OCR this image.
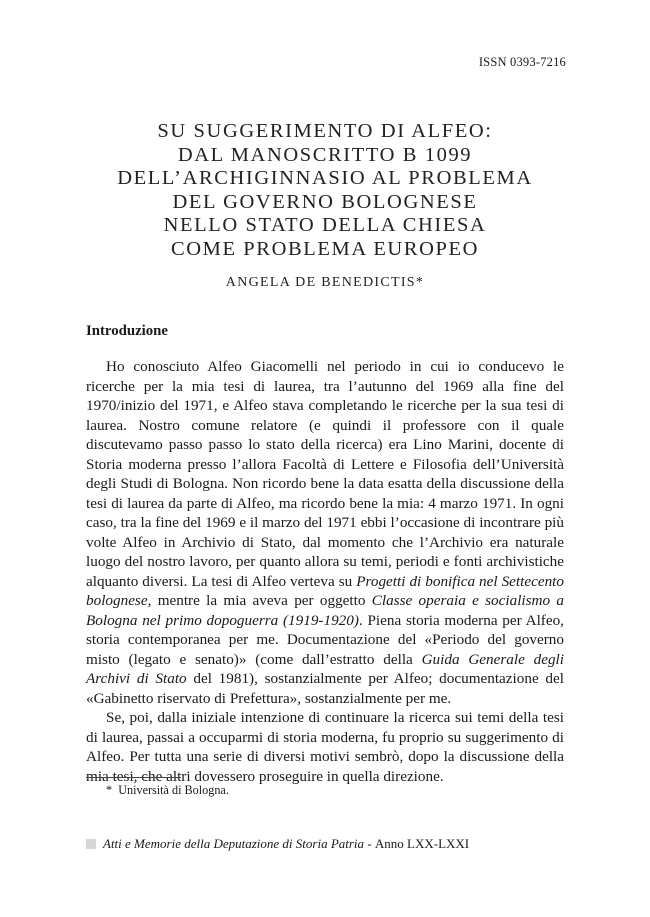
ISSN 0393-7216
SU SUGGERIMENTO DI ALFEO:
DAL MANOSCRITTO B 1099
DELL’ARCHIGINNASIO AL PROBLEMA
DEL GOVERNO BOLOGNESE
NELLO STATO DELLA CHIESA
COME PROBLEMA EUROPEO
ANGELA DE BENEDICTIS*
Introduzione

Ho conosciuto Alfeo Giacomelli nel periodo in cui io conducevo le ricerche per la mia tesi di laurea, tra l’autunno del 1969 alla fine del 1970/inizio del 1971, e Alfeo stava completando le ricerche per la sua tesi di laurea. Nostro comune relatore (e quindi il professore con il quale discutevamo passo passo lo stato della ricerca) era Lino Marini, docente di Storia moderna presso l’allora Facoltà di Lettere e Filosofia dell’Università degli Studi di Bologna. Non ricordo bene la data esatta della discussione della tesi di laurea da parte di Alfeo, ma ricordo bene la mia: 4 marzo 1971. In ogni caso, tra la fine del 1969 e il marzo del 1971 ebbi l’occasione di incontrare più volte Alfeo in Archivio di Stato, dal momento che l’Archivio era naturale luogo del nostro lavoro, per quanto allora su temi, periodi e fonti archivistiche alquanto diversi. La tesi di Alfeo verteva su Progetti di bonifica nel Settecento bolognese, mentre la mia aveva per oggetto Classe operaia e socialismo a Bologna nel primo dopoguerra (1919-1920). Piena storia moderna per Alfeo, storia contemporanea per me. Documentazione del «Periodo del governo misto (legato e senato)» (come dall’estratto della Guida Generale degli Archivi di Stato del 1981), sostanzialmente per Alfeo; documentazione del «Gabinetto riservato di Prefettura», sostanzialmente per me.

Se, poi, dalla iniziale intenzione di continuare la ricerca sui temi della tesi di laurea, passai a occuparmi di storia moderna, fu proprio su suggerimento di Alfeo. Per tutta una serie di diversi motivi sembrò, dopo la discussione della mia tesi, che altri dovessero proseguire in quella direzione.

* Università di Bologna.
Atti e Memorie della Deputazione di Storia Patria - Anno LXX-LXXI
